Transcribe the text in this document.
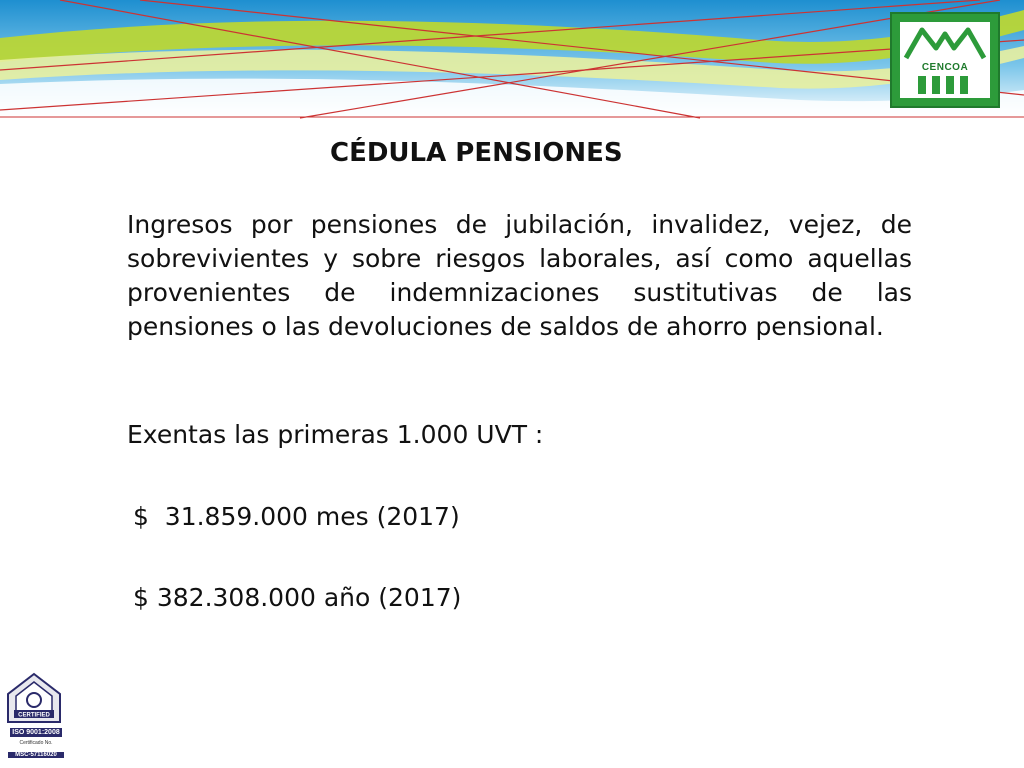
CENCOA
CÉDULA PENSIONES
Ingresos por pensiones de jubilación, invalidez, vejez, de sobrevivientes y sobre riesgos laborales, así como aquellas provenientes de indemnizaciones sustitutivas de las pensiones o las devoluciones de saldos de ahorro pensional.
Exentas las primeras 1.000 UVT :
$  31.859.000 mes (2017)
$ 382.308.000 año (2017)
CERTIFIED
ISO 9001:2008
Certificado No.
MSC-57116020
